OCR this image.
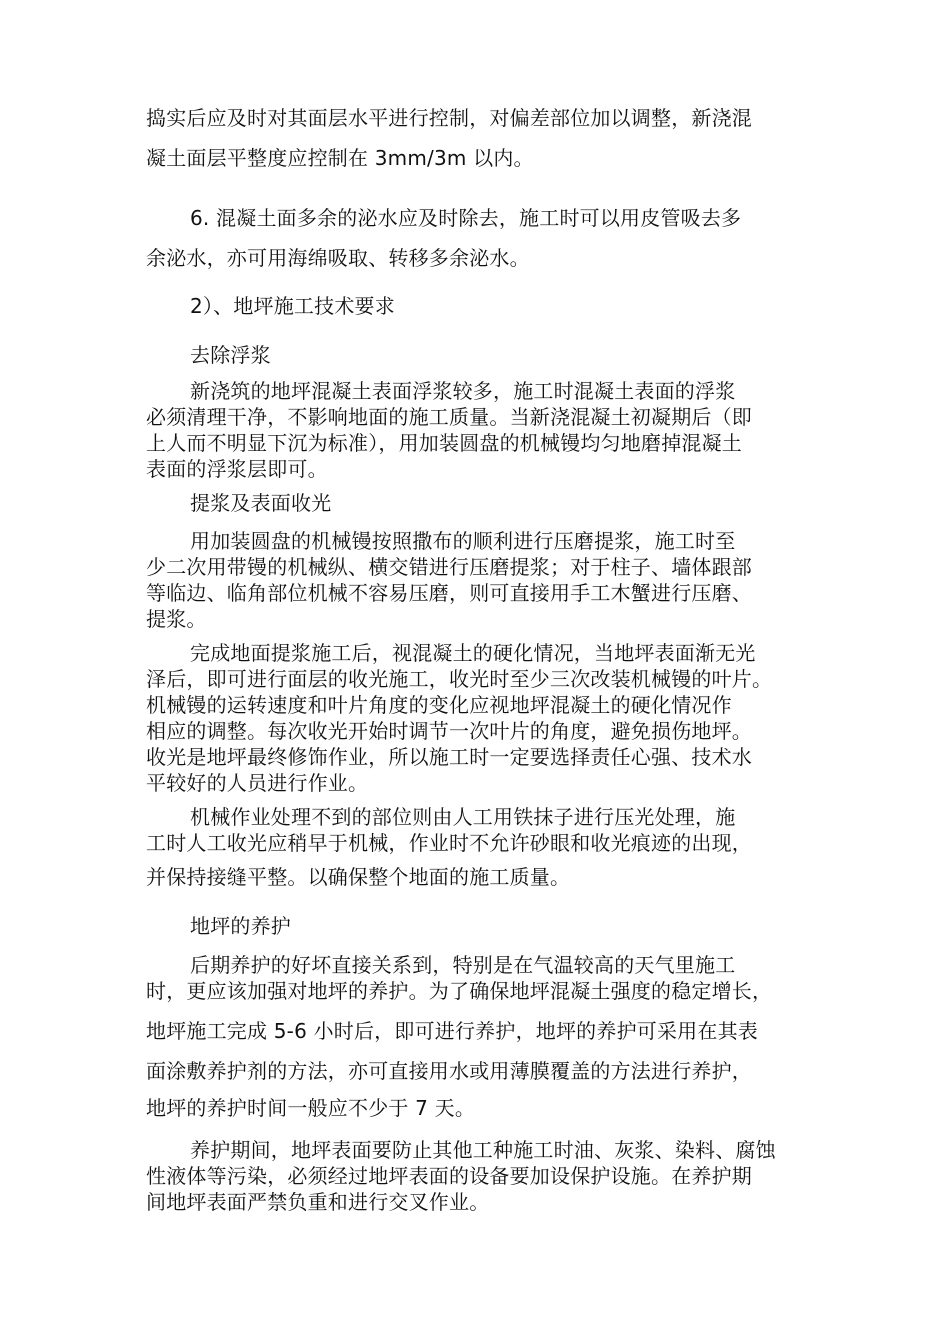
捣实后应及时对其面层水平进行控制，对偏差部位加以调整，新浇混
凝土面层平整度应控制在 3mm/3m 以内。
6. 混凝土面多余的泌水应及时除去，施工时可以用皮管吸去多
余泌水，亦可用海绵吸取、转移多余泌水。
2）、地坪施工技术要求
去除浮浆
新浇筑的地坪混凝土表面浮浆较多，施工时混凝土表面的浮浆
必须清理干净，不影响地面的施工质量。当新浇混凝土初凝期后（即
上人而不明显下沉为标准），用加装圆盘的机械镘均匀地磨掉混凝土
表面的浮浆层即可。
提浆及表面收光
用加装圆盘的机械镘按照撒布的顺利进行压磨提浆，施工时至
少二次用带镘的机械纵、横交错进行压磨提浆；对于柱子、墙体跟部
等临边、临角部位机械不容易压磨，则可直接用手工木蟹进行压磨、
提浆。
完成地面提浆施工后，视混凝土的硬化情况，当地坪表面渐无光
泽后，即可进行面层的收光施工，收光时至少三次改装机械镘的叶片。
机械镘的运转速度和叶片角度的变化应视地坪混凝土的硬化情况作
相应的调整。每次收光开始时调节一次叶片的角度，避免损伤地坪。
收光是地坪最终修饰作业，所以施工时一定要选择责任心强、技术水
平较好的人员进行作业。
机械作业处理不到的部位则由人工用铁抹子进行压光处理，施
工时人工收光应稍早于机械，作业时不允许砂眼和收光痕迹的出现，
并保持接缝平整。以确保整个地面的施工质量。
地坪的养护
后期养护的好坏直接关系到，特别是在气温较高的天气里施工
时，更应该加强对地坪的养护。为了确保地坪混凝土强度的稳定增长，
地坪施工完成 5-6 小时后，即可进行养护，地坪的养护可采用在其表
面涂敷养护剂的方法，亦可直接用水或用薄膜覆盖的方法进行养护，
地坪的养护时间一般应不少于 7 天。
养护期间，地坪表面要防止其他工种施工时油、灰浆、染料、腐蚀
性液体等污染，必须经过地坪表面的设备要加设保护设施。在养护期
间地坪表面严禁负重和进行交叉作业。
